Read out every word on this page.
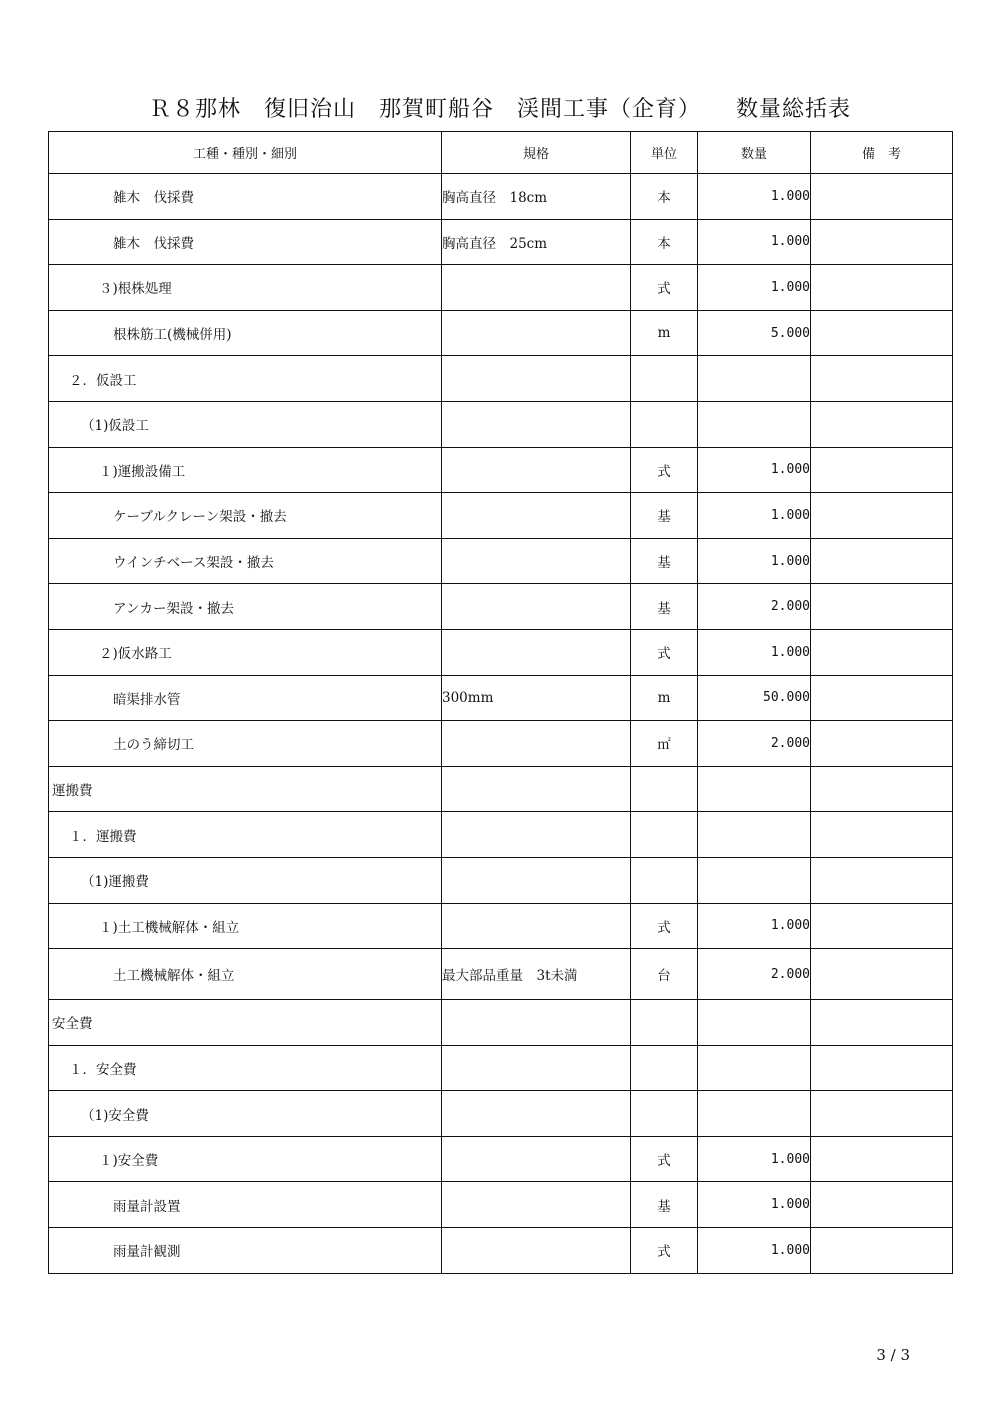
Ｒ８那林　復旧治山　那賀町船谷　渓間工事（企育）　　数量総括表
工種・種別・細別	規格	単位	数量	備　考
雑木　伐採費	胸高直径　18cm	本	1.000	
雑木　伐採費	胸高直径　25cm	本	1.000	
３)根株処理		式	1.000	
根株筋工(機械併用)		m	5.000	
２．仮設工				
（1)仮設工				
１)運搬設備工		式	1.000	
ケーブルクレーン架設・撤去		基	1.000	
ウインチベース架設・撤去		基	1.000	
アンカー架設・撤去		基	2.000	
２)仮水路工		式	1.000	
暗渠排水管	300mm	m	50.000	
土のう締切工		㎡	2.000	
運搬費				
１．運搬費				
（1)運搬費				
１)土工機械解体・組立		式	1.000	
土工機械解体・組立	最大部品重量　3t未満	台	2.000	
安全費				
１．安全費				
（1)安全費				
１)安全費		式	1.000	
雨量計設置		基	1.000	
雨量計観測		式	1.000	
3 / 3
